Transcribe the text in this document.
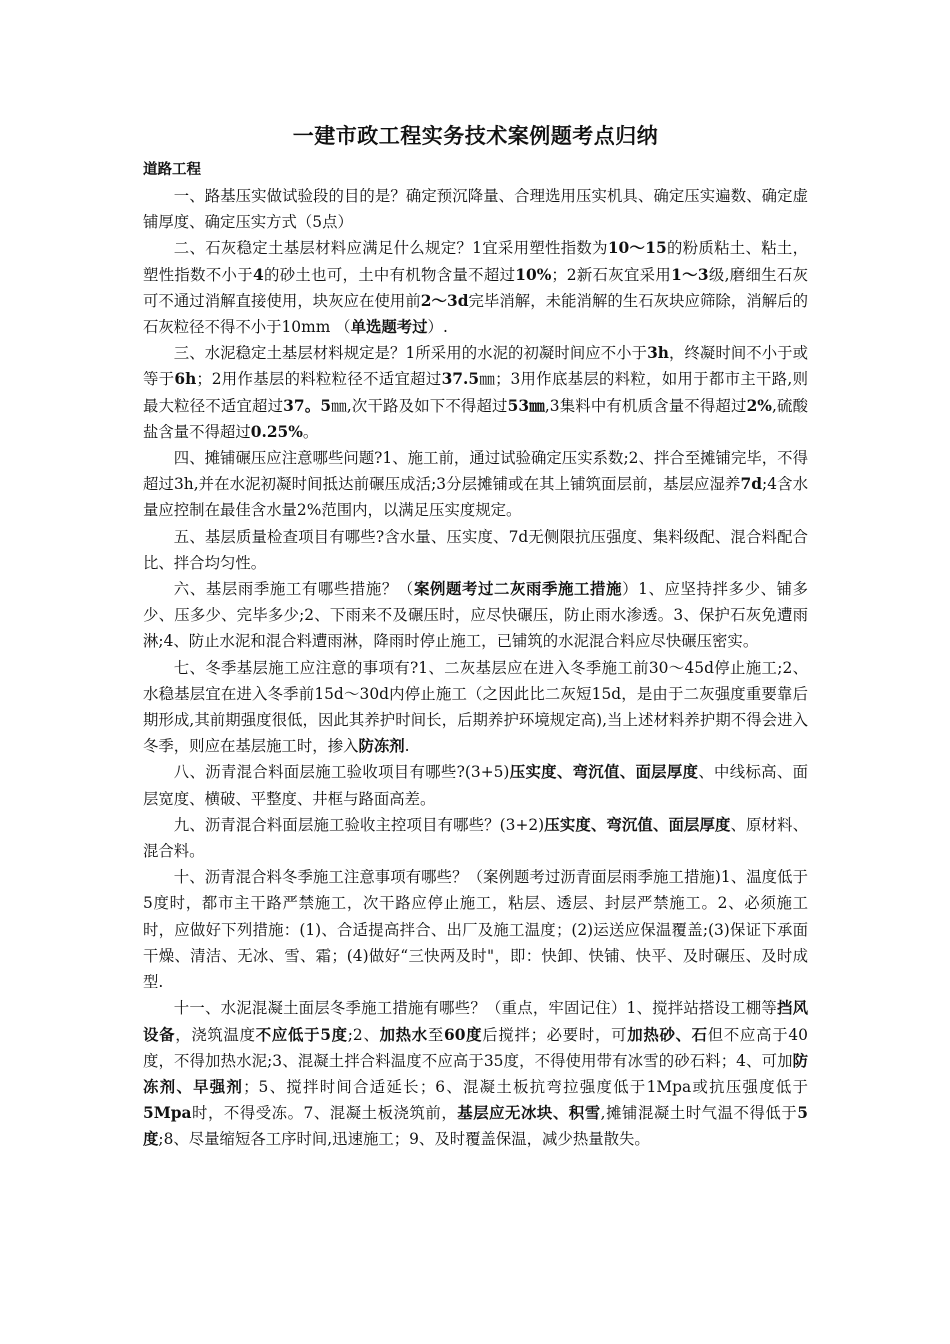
一建市政工程实务技术案例题考点归纳
道路工程

一、路基压实做试验段的目的是？确定预沉降量、合理选用压实机具、确定压实遍数、确定虚铺厚度、确定压实方式（5点）

二、石灰稳定土基层材料应满足什么规定？1宜采用塑性指数为10～15的粉质粘土、粘土，塑性指数不小于4的砂土也可，土中有机物含量不超过10%；2新石灰宜采用1～3级,磨细生石灰可不通过消解直接使用，块灰应在使用前2～3d完毕消解，未能消解的生石灰块应筛除，消解后的石灰粒径不得不小于10mm （单选题考过）.

三、水泥稳定土基层材料规定是？1所采用的水泥的初凝时间应不小于3h，终凝时间不小于或等于6h；2用作基层的料粒粒径不适宜超过37.5㎜；3用作底基层的料粒，如用于都市主干路,则最大粒径不适宜超过37。5㎜,次干路及如下不得超过53㎜,3集料中有机质含量不得超过2%,硫酸盐含量不得超过0.25%。

四、摊铺碾压应注意哪些问题?1、施工前，通过试验确定压实系数;2、拌合至摊铺完毕，不得超过3h,并在水泥初凝时间抵达前碾压成活;3分层摊铺或在其上铺筑面层前，基层应湿养7d;4含水量应控制在最佳含水量2%范围内，以满足压实度规定。

五、基层质量检查项目有哪些?含水量、压实度、7d无侧限抗压强度、集料级配、混合料配合比、拌合均匀性。

六、基层雨季施工有哪些措施？（案例题考过二灰雨季施工措施）1、应坚持拌多少、铺多少、压多少、完毕多少;2、下雨来不及碾压时，应尽快碾压，防止雨水渗透。3、保护石灰免遭雨淋;4、防止水泥和混合料遭雨淋，降雨时停止施工，已铺筑的水泥混合料应尽快碾压密实。

七、冬季基层施工应注意的事项有?1、二灰基层应在进入冬季施工前30～45d停止施工;2、水稳基层宜在进入冬季前15d～30d内停止施工（之因此比二灰短15d，是由于二灰强度重要靠后期形成,其前期强度很低，因此其养护时间长，后期养护环境规定高),当上述材料养护期不得会进入冬季，则应在基层施工时，掺入防冻剂.

八、沥青混合料面层施工验收项目有哪些?(3+5)压实度、弯沉值、面层厚度、中线标高、面层宽度、横破、平整度、井框与路面高差。

九、沥青混合料面层施工验收主控项目有哪些？(3+2)压实度、弯沉值、面层厚度、原材料、混合料。

十、沥青混合料冬季施工注意事项有哪些？（案例题考过沥青面层雨季施工措施)1、温度低于5度时，都市主干路严禁施工，次干路应停止施工，粘层、透层、封层严禁施工。2、必须施工时，应做好下列措施：(1)、合适提高拌合、出厂及施工温度；(2)运送应保温覆盖;(3)保证下承面干燥、清洁、无冰、雪、霜；(4)做好“三快两及时"，即：快卸、快铺、快平、及时碾压、及时成型.

十一、水泥混凝土面层冬季施工措施有哪些？（重点，牢固记住）1、搅拌站搭设工棚等挡风设备，浇筑温度不应低于5度;2、加热水至60度后搅拌；必要时，可加热砂、石但不应高于40度，不得加热水泥;3、混凝土拌合料温度不应高于35度，不得使用带有冰雪的砂石料；4、可加防冻剂、早强剂；5、搅拌时间合适延长；6、混凝土板抗弯拉强度低于1Mpa或抗压强度低于5Mpa时，不得受冻。7、混凝土板浇筑前，基层应无冰块、积雪,摊铺混凝土时气温不得低于5度;8、尽量缩短各工序时间,迅速施工；9、及时覆盖保温，减少热量散失。
